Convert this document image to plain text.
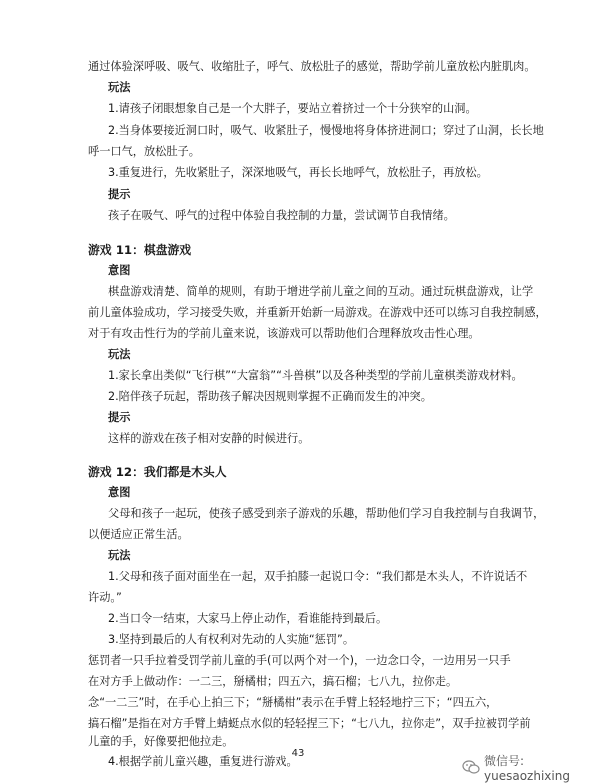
通过体验深呼吸、吸气、收缩肚子，呼气、放松肚子的感觉，帮助学前儿童放松内脏肌肉。
玩法
1.请孩子闭眼想象自己是一个大胖子，要站立着挤过一个十分狭窄的山洞。
2.当身体要接近洞口时，吸气、收紧肚子，慢慢地将身体挤进洞口；穿过了山洞，长长地
呼一口气，放松肚子。
3.重复进行，先收紧肚子，深深地吸气，再长长地呼气，放松肚子，再放松。
提示
孩子在吸气、呼气的过程中体验自我控制的力量，尝试调节自我情绪。
游戏 11：棋盘游戏
意图
棋盘游戏清楚、简单的规则，有助于增进学前儿童之间的互动。通过玩棋盘游戏，让学
前儿童体验成功，学习接受失败，并重新开始新一局游戏。在游戏中还可以练习自我控制感，
对于有攻击性行为的学前儿童来说，该游戏可以帮助他们合理释放攻击性心理。
玩法
1.家长拿出类似“飞行棋”“大富翁”“斗兽棋”以及各种类型的学前儿童棋类游戏材料。
2.陪伴孩子玩起，帮助孩子解决因规则掌握不正确而发生的冲突。
提示
这样的游戏在孩子相对安静的时候进行。
游戏 12：我们都是木头人
意图
父母和孩子一起玩，使孩子感受到亲子游戏的乐趣，帮助他们学习自我控制与自我调节，
以便适应正常生活。
玩法
1.父母和孩子面对面坐在一起，双手拍膝一起说口令：“我们都是木头人，不许说话不
许动。”
2.当口令一结束，大家马上停止动作，看谁能持到最后。
3.坚持到最后的人有权利对先动的人实施“惩罚”。
惩罚者一只手拉着受罚学前儿童的手(可以两个对一个)，一边念口令，一边用另一只手
在对方手上做动作：一二三，掰橘柑；四五六，搞石榴；七八九，拉你走。
念“一二三”时，在手心上拍三下；“掰橘柑”表示在手臂上轻轻地拧三下；“四五六，
搞石榴”是指在对方手臂上蜻蜓点水似的轻轻捏三下；“七八九，拉你走”，双手拉被罚学前
儿童的手，好像要把他拉走。
4.根据学前儿童兴趣，重复进行游戏。
43	微信号: yuesaozhixing
